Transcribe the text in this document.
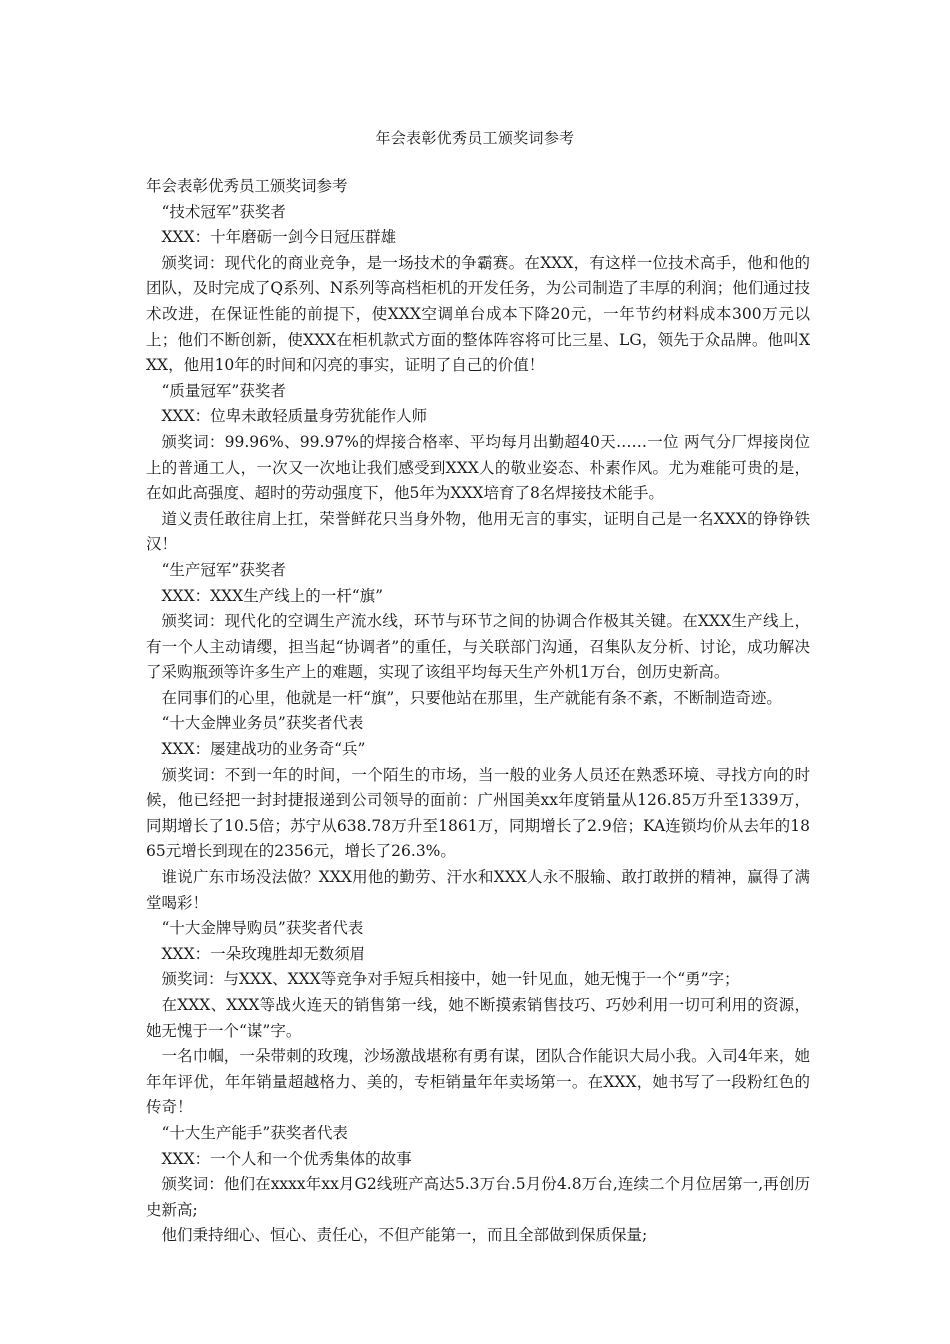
年会表彰优秀员工颁奖词参考

年会表彰优秀员工颁奖词参考

“技术冠军”获奖者

XXX：十年磨砺一剑今日冠压群雄

颁奖词：现代化的商业竞争，是一场技术的争霸赛。在XXX，有这样一位技术高手，他和他的团队，及时完成了Q系列、N系列等高档柜机的开发任务，为公司制造了丰厚的利润；他们通过技术改进，在保证性能的前提下，使XXX空调单台成本下降20元，一年节约材料成本300万元以上；他们不断创新，使XXX在柜机款式方面的整体阵容将可比三星、LG，领先于众品牌。他叫XXX，他用10年的时间和闪亮的事实，证明了自己的价值！

“质量冠军”获奖者

XXX：位卑未敢轻质量身劳犹能作人师

颁奖词：99.96%、99.97%的焊接合格率、平均每月出勤超40天……一位 两气分厂焊接岗位上的普通工人，一次又一次地让我们感受到XXX人的敬业姿态、朴素作风。尤为难能可贵的是，在如此高强度、超时的劳动强度下，他5年为XXX培育了8名焊接技术能手。

道义责任敢往肩上扛，荣誉鲜花只当身外物，他用无言的事实，证明自己是一名XXX的铮铮铁汉！

“生产冠军”获奖者

XXX：XXX生产线上的一杆“旗”

颁奖词：现代化的空调生产流水线，环节与环节之间的协调合作极其关键。在XXX生产线上，有一个人主动请缨，担当起“协调者”的重任，与关联部门沟通，召集队友分析、讨论，成功解决了采购瓶颈等许多生产上的难题，实现了该组平均每天生产外机1万台，创历史新高。

在同事们的心里，他就是一杆“旗”，只要他站在那里，生产就能有条不紊，不断制造奇迹。

“十大金牌业务员”获奖者代表

XXX：屡建战功的业务奇“兵”

颁奖词：不到一年的时间，一个陌生的市场，当一般的业务人员还在熟悉环境、寻找方向的时候，他已经把一封封捷报递到公司领导的面前：广州国美xx年度销量从126.85万升至1339万，同期增长了10.5倍；苏宁从638.78万升至1861万，同期增长了2.9倍；KA连锁均价从去年的1865元增长到现在的2356元，增长了26.3%。

谁说广东市场没法做？XXX用他的勤劳、汗水和XXX人永不服输、敢打敢拼的精神，赢得了满堂喝彩！

“十大金牌导购员”获奖者代表

XXX：一朵玫瑰胜却无数须眉

颁奖词：与XXX、XXX等竞争对手短兵相接中，她一针见血，她无愧于一个“勇”字；

在XXX、XXX等战火连天的销售第一线，她不断摸索销售技巧、巧妙利用一切可利用的资源，她无愧于一个“谋”字。

一名巾帼，一朵带刺的玫瑰，沙场激战堪称有勇有谋，团队合作能识大局小我。入司4年来，她年年评优，年年销量超越格力、美的，专柜销量年年卖场第一。在XXX，她书写了一段粉红色的传奇！

“十大生产能手”获奖者代表

XXX：一个人和一个优秀集体的故事

颁奖词：他们在xxxx年xx月G2线班产高达5.3万台.5月份4.8万台,连续二个月位居第一,再创历史新高;

他们秉持细心、恒心、责任心，不但产能第一，而且全部做到保质保量;
